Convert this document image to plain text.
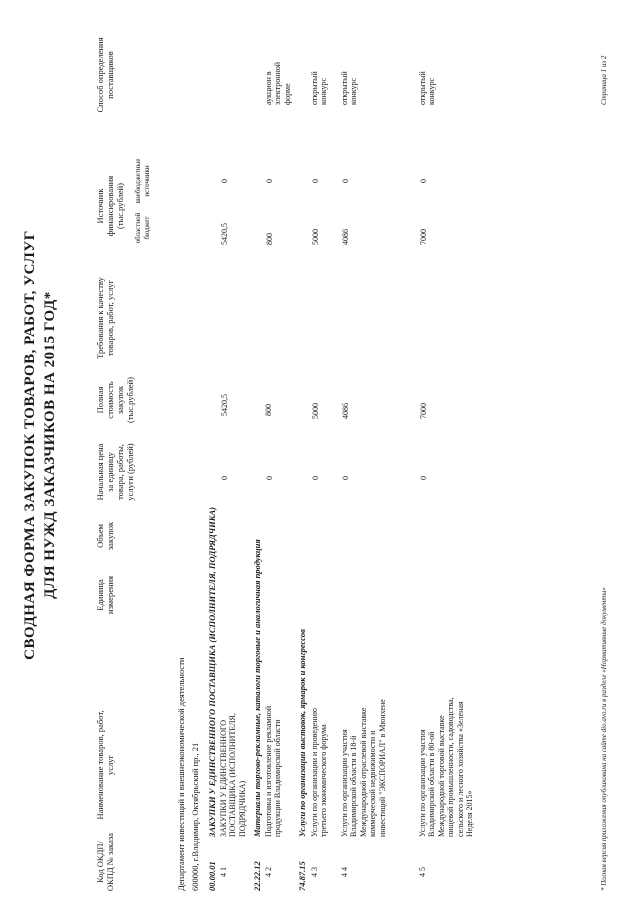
СВОДНАЯ ФОРМА ЗАКУПОК ТОВАРОВ, РАБОТ, УСЛУГ ДЛЯ НУЖД ЗАКАЗЧИКОВ НА 2015 ГОД*
Код ОКДП/ ОКПД № заказа
Наименование товаров, работ, услуг
Единица измерения
Объем закупок
Начальная цена за единицу товара, работы, услуги (рублей)
Полная стоимость закупок (тыс.рублей)
Требования к качеству товаров, работ, услуг
Источник финансирования (тыс.рублей) областной бюджет
внебюджетные источники
Способ определения поставщиков
Департамент инвестиций и внешнеэкономической деятельности 600000, г.Владимир, Октябрьский пр., 21 00.00.01
ЗАКУПКИ У ЕДИНСТВЕННОГО ПОСТАВЩИКА (ИСПОЛНИТЕЛЯ, ПОДРЯДЧИКА)
5420,5
4 1
ЗАКУПКИ У ЕДИНСТВЕННОГО ПОСТАВЩИКА (ИСПОЛНИТЕЛЯ, ПОДРЯДЧИКА)
0
5420,5
0
22.22.12
Материалы торгово-рекламные, каталоги торговые и аналогичная продукция
800
4 2
Подготовка и изготовление рекламной продукции Владимирской области
0
800
0
аукцион в электронной форме
74.87.15
Услуги по организации выставок, ярмарок и конгрессов
4 3
Услуги по организации и проведению третьего экономического форума
0
5000
5000
0
открытый конкурс
4 4
Услуги по организации участия Владимирской области в 18-й Международной отраслевой выставке коммерческой недвижимости и инвестиций "ЭКСПОРИАЛ" в Мюнхене
0
4086
4086
0
открытый конкурс
4 5
Услуги по организации участия Владимирской области в 80-ой Международной торговой выставке пищевой промышленности, садоводства, сельского и лесного хозяйства «Зеленая Неделя 2015»
0
7000
7000
0
открытый конкурс
* Полная версия приложения опубликована на сайте dio.avo.ru в разделе «Нормативные документы»
Страница 1 из 2
